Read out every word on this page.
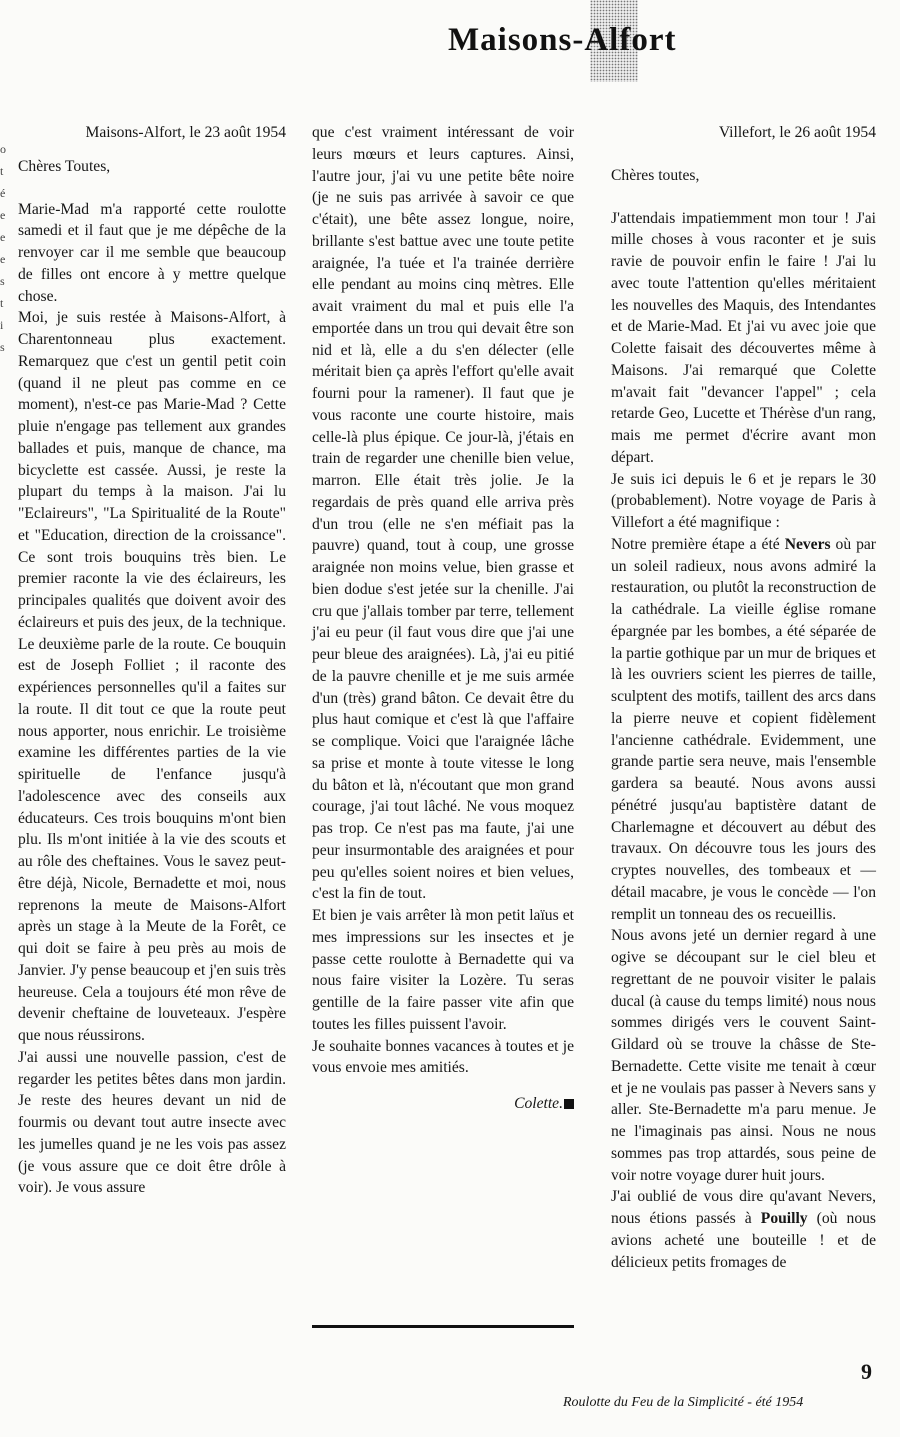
o
t
é
e
e
e
s
t
i
s
Maisons-Alfort

Maisons-Alfort, le 23 août 1954

Chères Toutes,

Marie-Mad m'a rapporté cette roulotte samedi et il faut que je me dépêche de la renvoyer car il me semble que beaucoup de filles ont encore à y mettre quelque chose.

Moi, je suis restée à Maisons-Alfort, à Charentonneau plus exactement. Remarquez que c'est un gentil petit coin (quand il ne pleut pas comme en ce moment), n'est-ce pas Marie-Mad ? Cette pluie n'engage pas tellement aux grandes ballades et puis, manque de chance, ma bicyclette est cassée. Aussi, je reste la plupart du temps à la maison. J'ai lu "Eclaireurs", "La Spiritualité de la Route" et "Education, direction de la croissance". Ce sont trois bouquins très bien. Le premier raconte la vie des éclaireurs, les principales qualités que doivent avoir des éclaireurs et puis des jeux, de la technique. Le deuxième parle de la route. Ce bouquin est de Joseph Folliet ; il raconte des expériences personnelles qu'il a faites sur la route. Il dit tout ce que la route peut nous apporter, nous enrichir. Le troisième examine les différentes parties de la vie spirituelle de l'enfance jusqu'à l'adolescence avec des conseils aux éducateurs. Ces trois bouquins m'ont bien plu. Ils m'ont initiée à la vie des scouts et au rôle des cheftaines. Vous le savez peut-être déjà, Nicole, Bernadette et moi, nous reprenons la meute de Maisons-Alfort après un stage à la Meute de la Forêt, ce qui doit se faire à peu près au mois de Janvier. J'y pense beaucoup et j'en suis très heureuse. Cela a toujours été mon rêve de devenir cheftaine de louveteaux. J'espère que nous réussirons.

J'ai aussi une nouvelle passion, c'est de regarder les petites bêtes dans mon jardin. Je reste des heures devant un nid de fourmis ou devant tout autre insecte avec les jumelles quand je ne les vois pas assez (je vous assure que ce doit être drôle à voir). Je vous assure

que c'est vraiment intéressant de voir leurs mœurs et leurs captures. Ainsi, l'autre jour, j'ai vu une petite bête noire (je ne suis pas arrivée à savoir ce que c'était), une bête assez longue, noire, brillante s'est battue avec une toute petite araignée, l'a tuée et l'a trainée derrière elle pendant au moins cinq mètres. Elle avait vraiment du mal et puis elle l'a emportée dans un trou qui devait être son nid et là, elle a du s'en délecter (elle méritait bien ça après l'effort qu'elle avait fourni pour la ramener). Il faut que je vous raconte une courte histoire, mais celle-là plus épique. Ce jour-là, j'étais en train de regarder une chenille bien velue, marron. Elle était très jolie. Je la regardais de près quand elle arriva près d'un trou (elle ne s'en méfiait pas la pauvre) quand, tout à coup, une grosse araignée non moins velue, bien grasse et bien dodue s'est jetée sur la chenille. J'ai cru que j'allais tomber par terre, tellement j'ai eu peur (il faut vous dire que j'ai une peur bleue des araignées). Là, j'ai eu pitié de la pauvre chenille et je me suis armée d'un (très) grand bâton. Ce devait être du plus haut comique et c'est là que l'affaire se complique. Voici que l'araignée lâche sa prise et monte à toute vitesse le long du bâton et là, n'écoutant que mon grand courage, j'ai tout lâché. Ne vous moquez pas trop. Ce n'est pas ma faute, j'ai une peur insurmontable des araignées et pour peu qu'elles soient noires et bien velues, c'est la fin de tout.

Et bien je vais arrêter là mon petit laïus et mes impressions sur les insectes et je passe cette roulotte à Bernadette qui va nous faire visiter la Lozère. Tu seras gentille de la faire passer vite afin que toutes les filles puissent l'avoir.

Je souhaite bonnes vacances à toutes et je vous envoie mes amitiés.

Colette.

Villefort, le 26 août 1954

Chères toutes,

J'attendais impatiemment mon tour ! J'ai mille choses à vous raconter et je suis ravie de pouvoir enfin le faire ! J'ai lu avec toute l'attention qu'elles méritaient les nouvelles des Maquis, des Intendantes et de Marie-Mad. Et j'ai vu avec joie que Colette faisait des découvertes même à Maisons. J'ai remarqué que Colette m'avait fait "devancer l'appel" ; cela retarde Geo, Lucette et Thérèse d'un rang, mais me permet d'écrire avant mon départ.

Je suis ici depuis le 6 et je repars le 30 (probablement). Notre voyage de Paris à Villefort a été magnifique :

Notre première étape a été Nevers où par un soleil radieux, nous avons admiré la restauration, ou plutôt la reconstruction de la cathédrale. La vieille église romane épargnée par les bombes, a été séparée de la partie gothique par un mur de briques et là les ouvriers scient les pierres de taille, sculptent des motifs, taillent des arcs dans la pierre neuve et copient fidèlement l'ancienne cathédrale. Evidemment, une grande partie sera neuve, mais l'ensemble gardera sa beauté. Nous avons aussi pénétré jusqu'au baptistère datant de Charlemagne et découvert au début des travaux. On découvre tous les jours des cryptes nouvelles, des tombeaux et — détail macabre, je vous le concède — l'on remplit un tonneau des os recueillis.

Nous avons jeté un dernier regard à une ogive se découpant sur le ciel bleu et regrettant de ne pouvoir visiter le palais ducal (à cause du temps limité) nous nous sommes dirigés vers le couvent Saint-Gildard où se trouve la châsse de Ste-Bernadette. Cette visite me tenait à cœur et je ne voulais pas passer à Nevers sans y aller. Ste-Bernadette m'a paru menue. Je ne l'imaginais pas ainsi. Nous ne nous sommes pas trop attardés, sous peine de voir notre voyage durer huit jours.

J'ai oublié de vous dire qu'avant Nevers, nous étions passés à Pouilly (où nous avions acheté une bouteille ! et de délicieux petits fromages de

9
Roulotte du Feu de la Simplicité - été 1954
